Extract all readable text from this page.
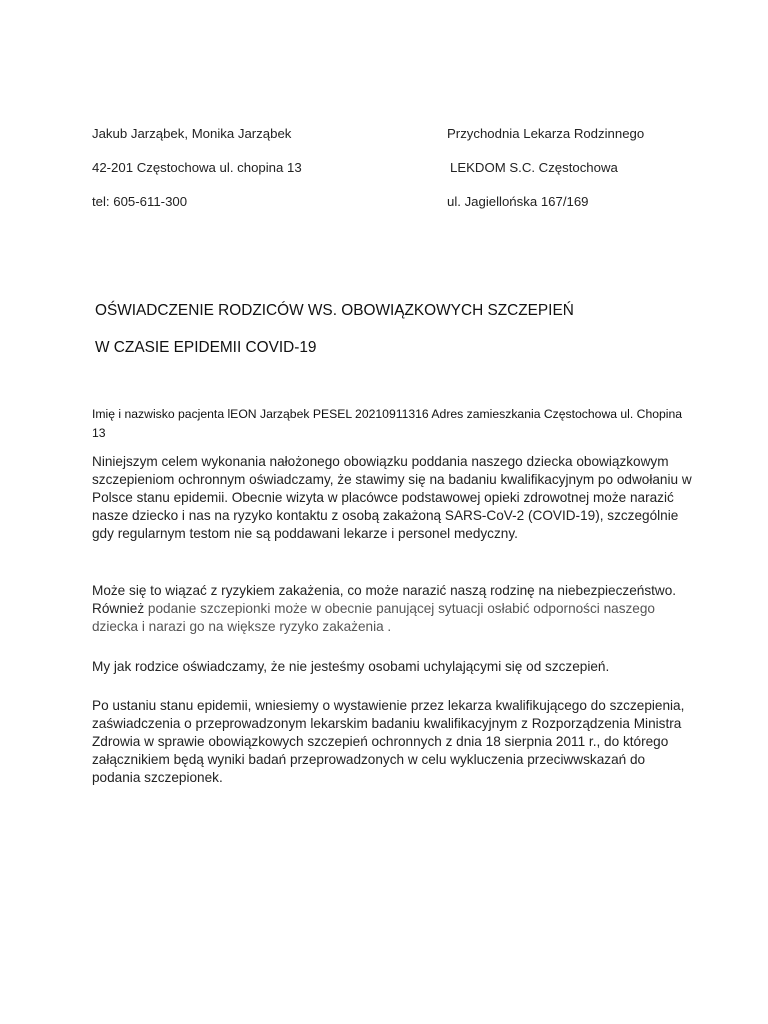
Jakub Jarząbek, Monika Jarząbek
42-201 Częstochowa ul. chopina 13
tel: 605-611-300
Przychodnia Lekarza Rodzinnego
LEKDOM S.C. Częstochowa
ul. Jagiellońska 167/169
OŚWIADCZENIE RODZICÓW WS. OBOWIĄZKOWYCH SZCZEPIEŃ
W CZASIE EPIDEMII COVID-19
Imię i nazwisko pacjenta lEON Jarząbek PESEL 20210911316 Adres zamieszkania Częstochowa ul. Chopina 13
Niniejszym celem wykonania nałożonego obowiązku poddania naszego dziecka obowiązkowym szczepieniom ochronnym oświadczamy, że stawimy się na badaniu kwalifikacyjnym po odwołaniu w Polsce stanu epidemii. Obecnie wizyta w placówce podstawowej opieki zdrowotnej może narazić nasze dziecko i nas na ryzyko kontaktu z osobą zakażoną SARS-CoV-2 (COVID-19), szczególnie gdy regularnym testom nie są poddawani lekarze i personel medyczny.
Może się to wiązać z ryzykiem zakażenia, co może narazić naszą rodzinę na niebezpieczeństwo. Również podanie szczepionki może w obecnie panującej sytuacji osłabić odporności naszego dziecka i narazi go na większe ryzyko zakażenia .
My jak rodzice oświadczamy, że nie jesteśmy osobami uchylającymi się od szczepień.
Po ustaniu stanu epidemii, wniesiemy o wystawienie przez lekarza kwalifikującego do szczepienia, zaświadczenia o przeprowadzonym lekarskim badaniu kwalifikacyjnym z Rozporządzenia Ministra Zdrowia w sprawie obowiązkowych szczepień ochronnych z dnia 18 sierpnia 2011 r., do którego załącznikiem będą wyniki badań przeprowadzonych w celu wykluczenia przeciwwskazań do podania szczepionek.
